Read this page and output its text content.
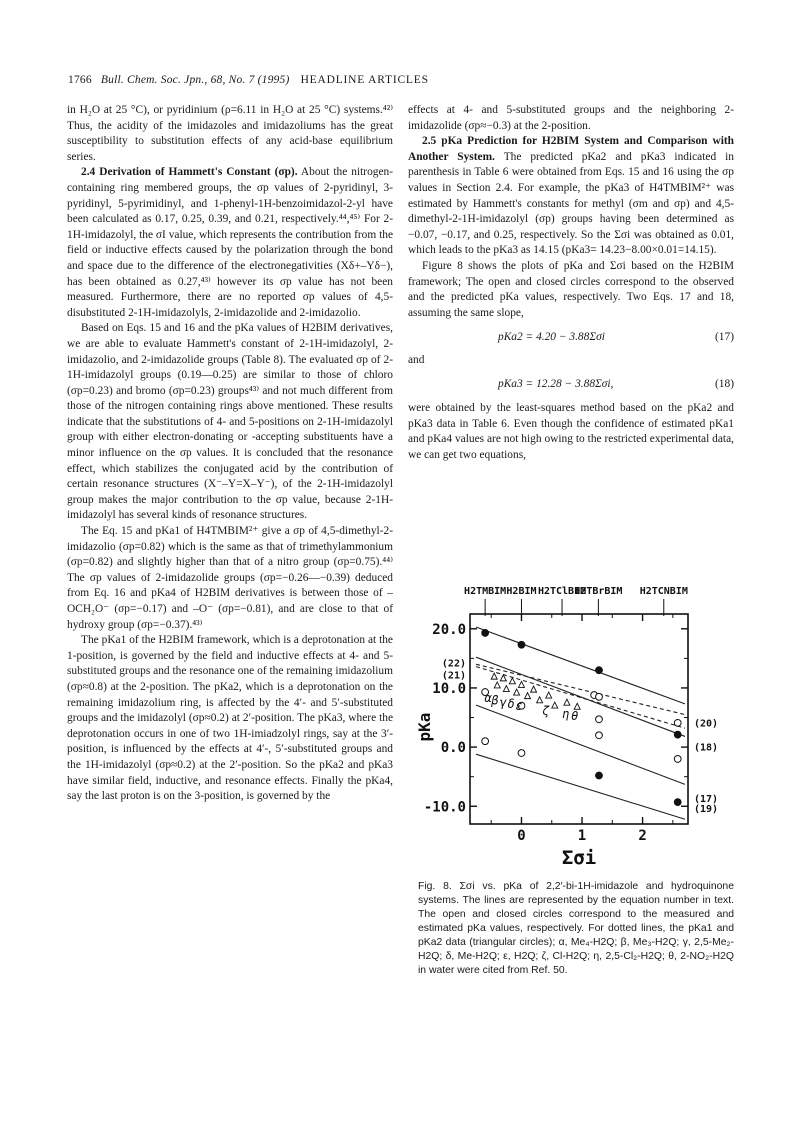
1766 Bull. Chem. Soc. Jpn., 68, No. 7 (1995) HEADLINE ARTICLES

in H₂O at 25 °C), or pyridinium (ρ=6.11 in H₂O at 25 °C) systems.⁴²⁾ Thus, the acidity of the imidazoles and imidazoliums has the great susceptibility to substitution effects of any acid-base equilibrium series.

2.4 Derivation of Hammett's Constant (σp). About the nitrogen-containing ring membered groups, the σp values of 2-pyridinyl, 3-pyridinyl, 5-pyrimidinyl, and 1-phenyl-1H-benzoimidazol-2-yl have been calculated as 0.17, 0.25, 0.39, and 0.21, respectively.⁴⁴,⁴⁵⁾ For 2-1H-imidazolyl, the σI value, which represents the contribution from the field or inductive effects caused by the polarization through the bond and space due to the difference of the electronegativities (Xδ+–Yδ−), has been obtained as 0.27,⁴³⁾ however its σp value has not been measured. Furthermore, there are no reported σp values of 4,5-disubstituted 2-1H-imidazolyls, 2-imidazolide and 2-imidazolio.

Based on Eqs. 15 and 16 and the pKa values of H2BIM derivatives, we are able to evaluate Hammett's constant of 2-1H-imidazolyl, 2-imidazolio, and 2-imidazolide groups (Table 8). The evaluated σp of 2-1H-imidazolyl groups (0.19—0.25) are similar to those of chloro (σp=0.23) and bromo (σp=0.23) groups⁴³⁾ and not much different from those of the nitrogen containing rings above mentioned. These results indicate that the substitutions of 4- and 5-positions on 2-1H-imidazolyl group with either electron-donating or -accepting substituents have a minor influence on the σp values. It is concluded that the resonance effect, which stabilizes the conjugated acid by the contribution of certain resonance structures (X⁻–Y=X–Y⁻), of the 2-1H-imidazolyl group makes the major contribution to the σp value, because 2-1H-imidazolyl has several kinds of resonance structures.

The Eq. 15 and pKa1 of H4TMBIM²⁺ give a σp of 4,5-dimethyl-2-imidazolio (σp=0.82) which is the same as that of trimethylammonium (σp=0.82) and slightly higher than that of a nitro group (σp=0.75).⁴⁴⁾ The σp values of 2-imidazolide groups (σp=−0.26—−0.39) deduced from Eq. 16 and pKa4 of H2BIM derivatives is between those of –OCH₂O⁻ (σp=−0.17) and –O⁻ (σp=−0.81), and are close to that of hydroxy group (σp=−0.37).⁴³⁾

The pKa1 of the H2BIM framework, which is a deprotonation at the 1-position, is governed by the field and inductive effects at 4- and 5-substituted groups and the resonance one of the remaining imidazolium (σp≈0.8) at the 2-position. The pKa2, which is a deprotonation on the remaining imidazolium ring, is affected by the 4′- and 5′-substituted groups and the imidazolyl (σp≈0.2) at 2′-position. The pKa3, where the deprotonation occurs in one of two 1H-imiadzolyl rings, say at the 3′-position, is influenced by the effects at 4′-, 5′-substituted groups and the 1H-imidazolyl (σp≈0.2) at the 2′-position. So the pKa2 and pKa3 have similar field, inductive, and resonance effects. Finally the pKa4, say the last proton is on the 3-position, is governed by the

effects at 4- and 5-substituted groups and the neighboring 2-imidazolide (σp≈−0.3) at the 2-position.

2.5 pKa Prediction for H2BIM System and Comparison with Another System. The predicted pKa2 and pKa3 indicated in parenthesis in Table 6 were obtained from Eqs. 15 and 16 using the σp values in Section 2.4. For example, the pKa3 of H4TMBIM²⁺ was estimated by Hammett's constants for methyl (σm and σp) and 4,5-dimethyl-2-1H-imidazolyl (σp) groups having been determined as −0.07, −0.17, and 0.25, respectively. So the Σσi was obtained as 0.01, which leads to the pKa3 as 14.15 (pKa3= 14.23−8.00×0.01=14.15).

Figure 8 shows the plots of pKa and Σσi based on the H2BIM framework; The open and closed circles correspond to the observed and the predicted pKa values, respectively. Two Eqs. 17 and 18, assuming the same slope,

pKa2 = 4.20 − 3.88Σσi	(17)

and

pKa3 = 12.28 − 3.88Σσi,	(18)

were obtained by the least-squares method based on the pKa2 and pKa3 data in Table 6. Even though the confidence of estimated pKa1 and pKa4 values are not high owing to the restricted experimental data, we can get two equations,

-10.0
0.0
10.0
20.0
0	1	2
Σσi
pKa
H2TMBIM H2BIM H2TClBIM
H2TBrBIM H2TCNBIM
(22)
(21)
(20)
(18)
(17)
(19)
α β γ δ ε ζ η θ
Fig. 8. Σσi vs. pKa of 2,2′-bi-1H-imidazole and hydroquinone systems. The lines are represented by the equation number in text. The open and closed circles correspond to the measured and estimated pKa values, respectively. For dotted lines, the pKa1 and pKa2 data (triangular circles); α, Me₄-H2Q; β, Me₃-H2Q; γ, 2,5-Me₂-H2Q; δ, Me-H2Q; ε, H2Q; ζ, Cl-H2Q; η, 2,5-Cl₂-H2Q; θ, 2-NO₂-H2Q in water were cited from Ref. 50.
